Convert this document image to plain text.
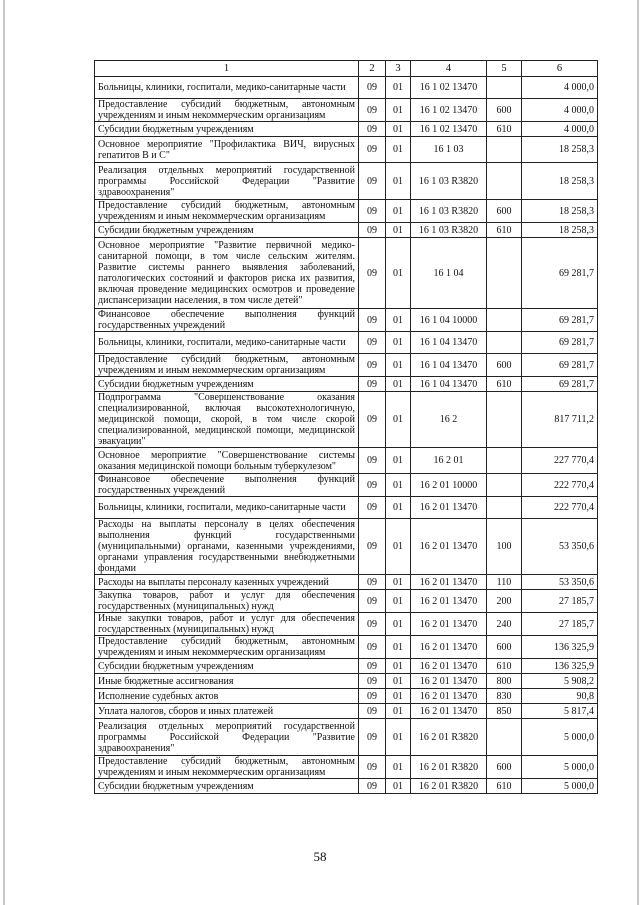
1	2	3	4	5	6
Больницы, клиники, госпитали, медико-санитарные части	09	01	16 1 02 13470		4 000,0
Предоставление субсидий бюджетным, автономным учреждениям и иным некоммерческим организациям	09	01	16 1 02 13470	600	4 000,0
Субсидии бюджетным учреждениям	09	01	16 1 02 13470	610	4 000,0
Основное мероприятие "Профилактика ВИЧ, вирусных гепатитов В и С"	09	01	16 1 03		18 258,3
Реализация отдельных мероприятий государственной программы Российской Федерации "Развитие здравоохранения"	09	01	16 1 03 R3820		18 258,3
Предоставление субсидий бюджетным, автономным учреждениям и иным некоммерческим организациям	09	01	16 1 03 R3820	600	18 258,3
Субсидии бюджетным учреждениям	09	01	16 1 03 R3820	610	18 258,3
Основное мероприятие "Развитие первичной медико-санитарной помощи, в том числе сельским жителям. Развитие системы раннего выявления заболеваний, патологических состояний и факторов риска их развития, включая проведение медицинских осмотров и проведение диспансеризации населения, в том числе детей"	09	01	16 1 04		69 281,7
Финансовое обеспечение выполнения функций государственных учреждений	09	01	16 1 04 10000		69 281,7
Больницы, клиники, госпитали, медико-санитарные части	09	01	16 1 04 13470		69 281,7
Предоставление субсидий бюджетным, автономным учреждениям и иным некоммерческим организациям	09	01	16 1 04 13470	600	69 281,7
Субсидии бюджетным учреждениям	09	01	16 1 04 13470	610	69 281,7
Подпрограмма "Совершенствование оказания специализированной, включая высокотехнологичную, медицинской помощи, скорой, в том числе скорой специализированной, медицинской помощи, медицинской эвакуации"	09	01	16 2		817 711,2
Основное мероприятие "Совершенствование системы оказания медицинской помощи больным туберкулезом"	09	01	16 2 01		227 770,4
Финансовое обеспечение выполнения функций государственных учреждений	09	01	16 2 01 10000		222 770,4
Больницы, клиники, госпитали, медико-санитарные части	09	01	16 2 01 13470		222 770,4
Расходы на выплаты персоналу в целях обеспечения выполнения функций государственными (муниципальными) органами, казенными учреждениями, органами управления государственными внебюджетными фондами	09	01	16 2 01 13470	100	53 350,6
Расходы на выплаты персоналу казенных учреждений	09	01	16 2 01 13470	110	53 350,6
Закупка товаров, работ и услуг для обеспечения государственных (муниципальных) нужд	09	01	16 2 01 13470	200	27 185,7
Иные закупки товаров, работ и услуг для обеспечения государственных (муниципальных) нужд	09	01	16 2 01 13470	240	27 185,7
Предоставление субсидий бюджетным, автономным учреждениям и иным некоммерческим организациям	09	01	16 2 01 13470	600	136 325,9
Субсидии бюджетным учреждениям	09	01	16 2 01 13470	610	136 325,9
Иные бюджетные ассигнования	09	01	16 2 01 13470	800	5 908,2
Исполнение судебных актов	09	01	16 2 01 13470	830	90,8
Уплата налогов, сборов и иных платежей	09	01	16 2 01 13470	850	5 817,4
Реализация отдельных мероприятий государственной программы Российской Федерации "Развитие здравоохранения"	09	01	16 2 01 R3820		5 000,0
Предоставление субсидий бюджетным, автономным учреждениям и иным некоммерческим организациям	09	01	16 2 01 R3820	600	5 000,0
Субсидии бюджетным учреждениям	09	01	16 2 01 R3820	610	5 000,0
58
